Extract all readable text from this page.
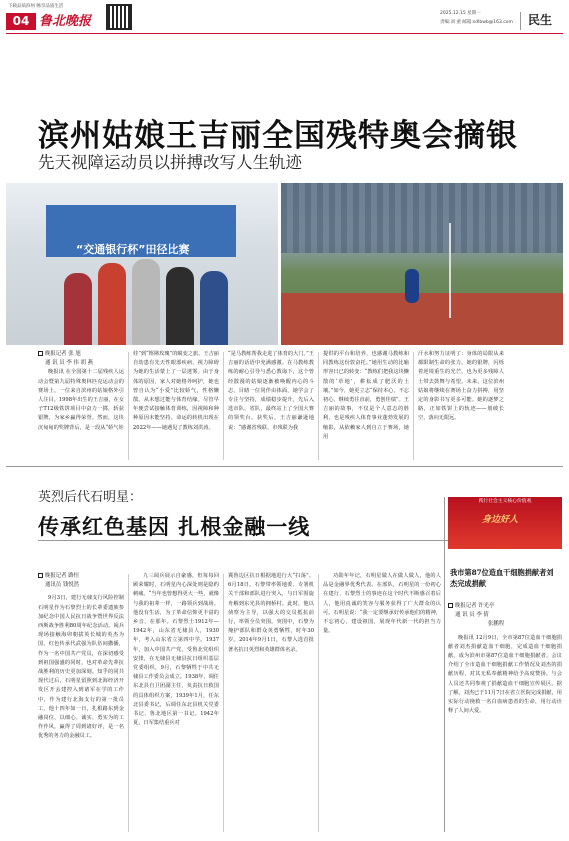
下载品质滨州 畅享品质生活
04 鲁北晚报
2025.12.15 星期一
责编:刘 重 邮箱:sdlbwb@163.com 民生
滨州姑娘王吉丽全国残特奥会摘银
先天视障运动员以拼搏改写人生轨迹
“交通银行杯”田径比赛
晚报记者 张 旭
通 讯 员 李 伟 胡 燕
晚报讯 在全国第十二届残疾人运动会暨第九届特殊奥林匹克运动会的赛场上，一位来自滨州的姑娘格外引人注目。1998年出生的王吉丽，在女子T12级铁饼项目中奋力一掷，斩获银牌，为家乡赢得荣誉。然而，这块沉甸甸的奖牌背后，是一段从“娇气娃
娃”到“铿锵玫瑰”的蜕变之旅。王吉丽自幼患有先天性眼部疾病，视力障碍为她的生活蒙上了一层迷雾。由于身体的原因，家人对她格外呵护，她也曾自认为“小爱”比较娇气，性格懒散。从未想过能与体育结缘。尽管早年便尝试接触体育训练，因视障和种种原因未能坚持。命运的转机出现在2022年——她遇见了教练刘洪涛。
“是马教练帮我走进了体育的大门。”王吉丽的话语中充满感激。在马教练教练的耐心引导与悉心教诲下，这个曾经散漫的姑娘逐渐被唤醒内心的斗志，目睹一位同伴由体面，她学会了专注与坚持，成绩稳步提升，先后入选市队、省队，最终站上了全国大赛的领奖台。获奖后，王吉丽谦逊地说：“感谢省残联、市残联为我
提供的平台和培养，也感谢马教练和同教练这份敦奋托。”她用生动的比喻形容日已的转变：“教练们把我这块懒散的‘草地’，耕耘成了肥沃的土壤。”如今，她更立志“保持本心，不忘初心，继续勇往直前，勇创佳绩”。王吉丽的故事，不仅是个人意志的胜利，也是残疾人体育事业蓬勃发展的缩影，从依赖家人到自立于赛场，她用
汗水和努力证明了：身体的局限从来都限制生命的张力。她的银牌，闪烁着逆境重生的光芒，也为更多残障人士带去鼓舞与希望。未来，这位滨州姑娘将继续在赛场上奋力拼搏，用坚定的身影书写更多可能。她的逐梦之路，正如铁饼上的轨迹——划破长空，落向无限远。
英烈后代石明星：
传承红色基因 扎根金融一线
晚报记者 路恒
通讯员 钱悦然
9月3日，建行无棣支行风险控制石明星作为石黎烈士的长辈委遗族参加纪念中国人民抗日战争暨世界反法西斯战争胜利80周年纪念活动。阅兵现场接触海卯朝拔英长城的英杰为国，红色传承代武强为队伍间撒播，作为一名中国共产党员，在深切感受到祖国强盛的同时，也对革命先辈抗战胜利的历史更加深刻。知乎的同共现代过后，石明星留照到北海经济开发区开丢建控入到诸军在学的工作中，作为建行北海支行的第一批员工，他十四年如一日，扎根路东到金融岗位，以细心、诚实、勇实为的工作作风，赢得了周到诸好评，是一名优秀的务力的金融员工。
九三阅兵展示自豪感，但每每回顾荣耀时，石明星内心深处则是隐约刺痛。“当年也曾想得更大一些，就像与我的祖辈一样，一路领兵到战场。他没有生活，为了革命信仰更丰富的乡音，在那年。石黎烈士1912年—1942年，山东省无棣县人，1930年，考入山东省立第四中学。1937年，加入中国共产党。受鲁北党组织安排，在无棣县无棣县抗日组织基层党委组织，9月，石黎牺牲于中共无棣县工作委员会成立。1938年，调任东北县自卫团副主任，负责抗日救国的具体组织方案，1939年1月，任东北县委书记，后调任东北县机关党委书记、鲁北地区第一书记。1942年夏，日军集结重兵对
冀鲁边区抗日根据地进行大“扫荡”。6月18日，石黎带率领地委、专署机关干部和部队进行突入，与日军围旋舟解到东光县的拥桥村。此时，他以侦察为主导，以强大的交员抵抗前行，率领全员突围。突围中，石黎为掩护部队和群众英勇牺牲，时年30岁。2014年9月1日，石黎入选首批著名抗日英烈和英雄群体名录。
功勋年年记，石明星做人在做人做人，他的人品是金融界优秀代表。在部队，石明星的一份初心在建行、石黎烈士的事迹在这个时代不断感召着后人，他用真诚的笑容与服务获得了广大群众的认可。石明星说：“我一定要继承好传承他们的精神，不忘初心，建设祖国，展现年代新一代的担当力量。
践行社会主义核心价值观
身边好人
我市第87位造血干细胞捐献者刘杰完成捐献
晚报记者 许光亭
通 讯 员 李 倩
张鹏程
晚报讯 12月9日，全市第87位造血干细胞捐献者刘杰捐献造血干细胞，完成造血干细胞捐献，成为滨州市第87位造血干细胞捐献者。会议介绍了全市造血干细胞捐献工作情况及刘杰的捐献历程，对其无私奉献精神给予高度赞扬。与会人员还共同参观了捐献造血干细胞宣传展区。据了解，刘杰已于11月7日在省立医院完成捐献，用实际行动挽救一名白血病患者的生命，用行动诠释了人间大爱。
